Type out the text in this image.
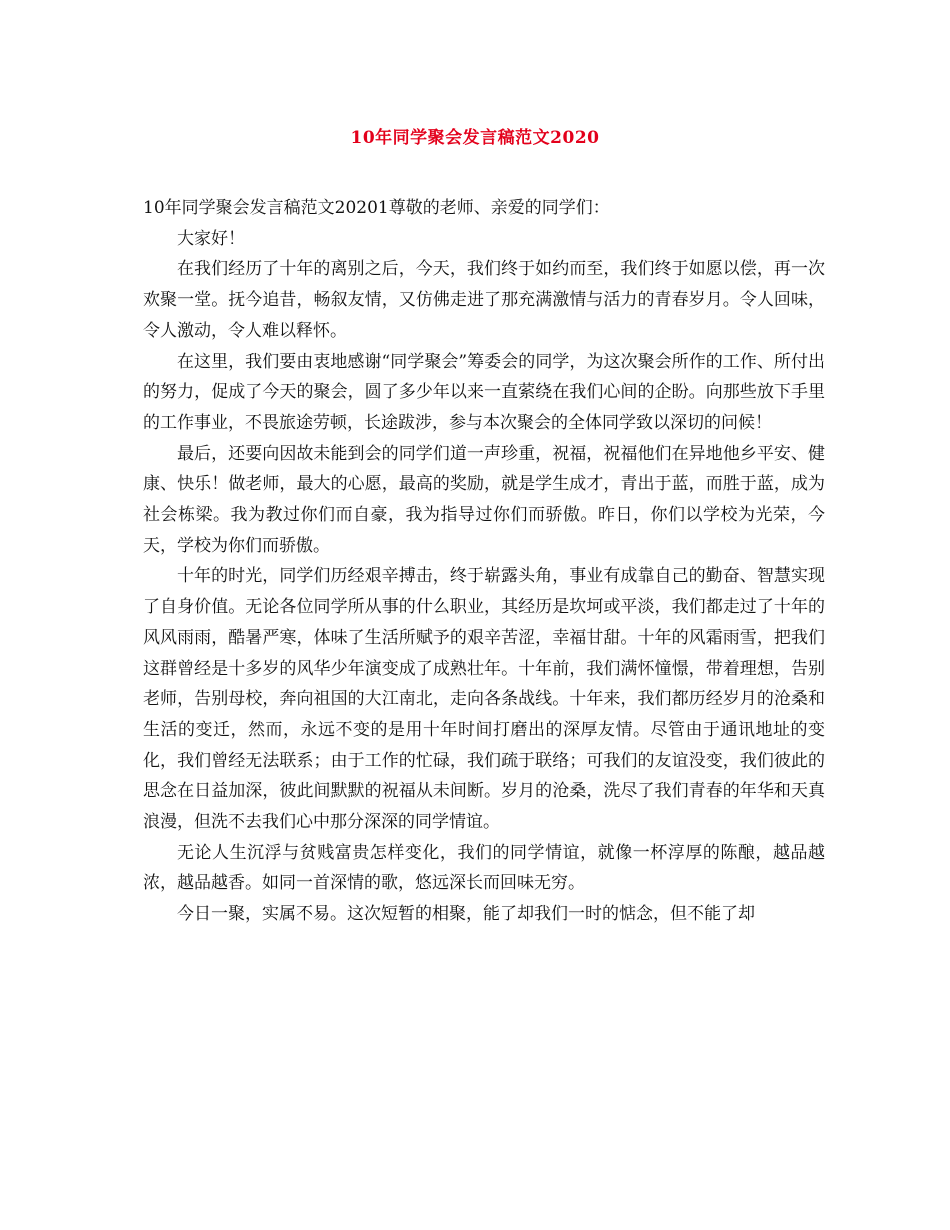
10年同学聚会发言稿范文2020

10年同学聚会发言稿范文20201尊敬的老师、亲爱的同学们：

大家好！

在我们经历了十年的离别之后，今天，我们终于如约而至，我们终于如愿以偿，再一次欢聚一堂。抚今追昔，畅叙友情，又仿佛走进了那充满激情与活力的青春岁月。令人回味，令人激动，令人难以释怀。

在这里，我们要由衷地感谢“同学聚会”筹委会的同学，为这次聚会所作的工作、所付出的努力，促成了今天的聚会，圆了多少年以来一直萦绕在我们心间的企盼。向那些放下手里的工作事业，不畏旅途劳顿，长途跋涉，参与本次聚会的全体同学致以深切的问候！

最后，还要向因故未能到会的同学们道一声珍重，祝福，祝福他们在异地他乡平安、健康、快乐！做老师，最大的心愿，最高的奖励，就是学生成才，青出于蓝，而胜于蓝，成为社会栋梁。我为教过你们而自豪，我为指导过你们而骄傲。昨日，你们以学校为光荣，今天，学校为你们而骄傲。

十年的时光，同学们历经艰辛搏击，终于崭露头角，事业有成靠自己的勤奋、智慧实现了自身价值。无论各位同学所从事的什么职业，其经历是坎坷或平淡，我们都走过了十年的风风雨雨，酷暑严寒，体味了生活所赋予的艰辛苦涩，幸福甘甜。十年的风霜雨雪，把我们这群曾经是十多岁的风华少年演变成了成熟壮年。十年前，我们满怀憧憬，带着理想，告别老师，告别母校，奔向祖国的大江南北，走向各条战线。十年来，我们都历经岁月的沧桑和生活的变迁，然而，永远不变的是用十年时间打磨出的深厚友情。尽管由于通讯地址的变化，我们曾经无法联系；由于工作的忙碌，我们疏于联络；可我们的友谊没变，我们彼此的思念在日益加深，彼此间默默的祝福从未间断。岁月的沧桑，洗尽了我们青春的年华和天真浪漫，但洗不去我们心中那分深深的同学情谊。

无论人生沉浮与贫贱富贵怎样变化，我们的同学情谊，就像一杯淳厚的陈酿，越品越浓，越品越香。如同一首深情的歌，悠远深长而回味无穷。

今日一聚，实属不易。这次短暂的相聚，能了却我们一时的惦念，但不能了却
